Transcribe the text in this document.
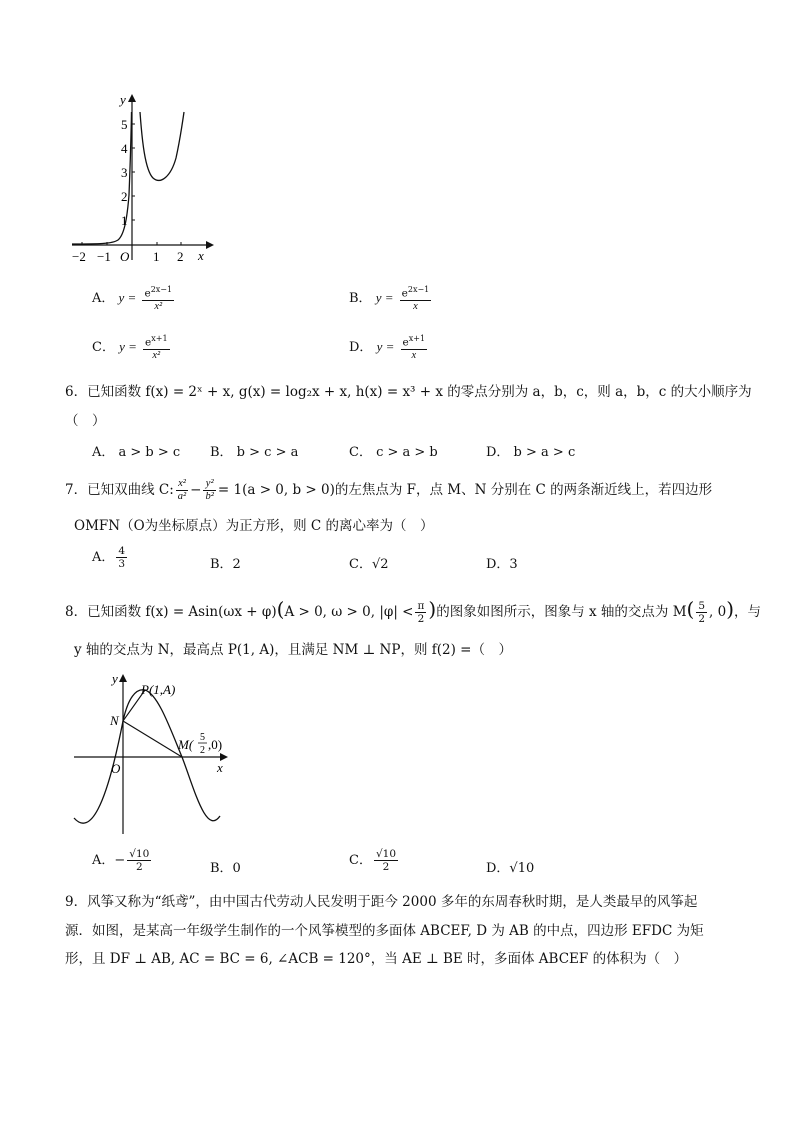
y
x
O
−2 −1	1 2
1
2
3
4
5
A． $y = \frac{e^{2x-1}}{\text{x²}}$	B． $y = \frac{e^{2x-1}}{x}$
C． $y = \frac{e^{x+1}}{\text{x²}}$	D． $y = \frac{e^{x+1}}{x}$
6．已知函数 f(x) = 2ˣ + x, g(x) = log₂x + x, h(x) = x³ + x 的零点分别为 a，b，c，则 a，b，c 的大小顺序为
（　）
A． a > b > c B． b > c > a	C． c > a > b	D． b > a > c
7．已知双曲线 C: $\frac{\text{x²}}{\text{a²}} - \frac{\text{y²}}{\text{b²}} = 1(a > 0$, b > 0)的左焦点为 F，点 M、N 分别在 C 的两条渐近线上，若四边形
OMFN（O为坐标原点）为正方形，则 C 的离心率为（　）
A． $\frac{4}{3}$	B．2	C．√2	D．3
8．已知函数 f(x) = Asin(ωx + φ)(A > 0, ω > 0, $|\varphi| < \frac{\pi}{2}$ )的图象如图所示，图象与 x 轴的交点为 $M( \frac{5}{2}$ , 0)，与
y 轴的交点为 N，最高点 P(1, A)，且满足 NM ⊥ NP，则 f(2) =（　）
y
x
O
N
P(1,A)
M( 5
2 ,0)
A．− $\frac{√10}{2}$	B．0
C． $\frac{√10}{2}$	D．√10
9．风筝又称为“纸鸢”，由中国古代劳动人民发明于距今 2000 多年的东周春秋时期，是人类最早的风筝起
源．如图，是某高一年级学生制作的一个风筝模型的多面体 ABCEF, D 为 AB 的中点，四边形 EFDC 为矩
形，且 DF ⊥ AB, AC = BC = 6, ∠ACB = 120°，当 AE ⊥ BE 时，多面体 ABCEF 的体积为（　）
